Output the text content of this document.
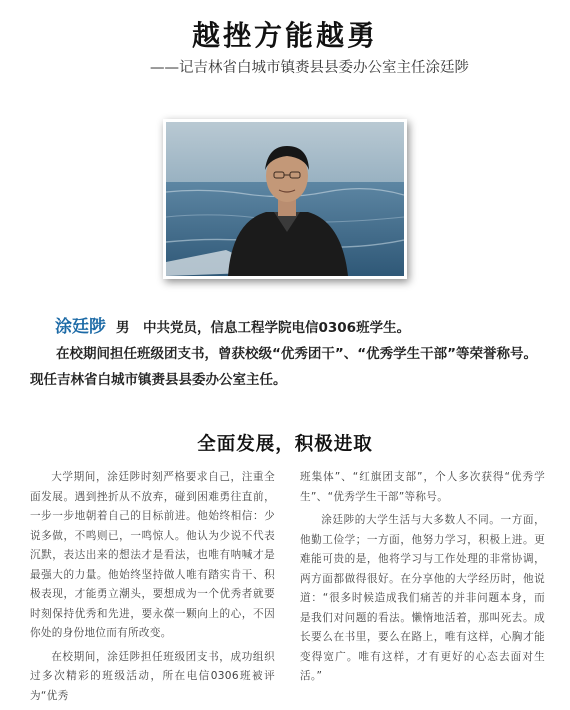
越挫方能越勇
——记吉林省白城市镇赉县县委办公室主任涂廷陟
涂廷陟 男　中共党员，信息工程学院电信0306班学生。
在校期间担任班级团支书，曾获校级“优秀团干”、“优秀学生干部”等荣誉称号。现任吉林省白城市镇赉县县委办公室主任。
全面发展，积极进取

大学期间，涂廷陟时刻严格要求自己，注重全面发展。遇到挫折从不放弃，碰到困难勇往直前，一步一步地朝着自己的目标前进。他始终相信：少说多做，不鸣则已，一鸣惊人。他认为少说不代表沉默，表达出来的想法才是看法，也唯有呐喊才是最强大的力量。他始终坚持做人唯有踏实肯干、积极表现，才能勇立潮头，要想成为一个优秀者就要时刻保持优秀和先进，要永葆一颗向上的心，不因你处的身份地位而有所改变。

在校期间，涂廷陟担任班级团支书，成功组织过多次精彩的班级活动，所在电信0306班被评为“优秀

班集体”、“红旗团支部”，个人多次获得“优秀学生”、“优秀学生干部”等称号。

涂廷陟的大学生活与大多数人不同。一方面，他勤工俭学；一方面，他努力学习，积极上进。更难能可贵的是，他将学习与工作处理的非常协调，两方面都做得很好。在分享他的大学经历时，他说道：“很多时候造成我们痛苦的并非问题本身，而是我们对问题的看法。懒惰地活着，那叫死去。成长要么在书里，要么在路上，唯有这样，心胸才能变得宽广。唯有这样，才有更好的心态去面对生活。”
